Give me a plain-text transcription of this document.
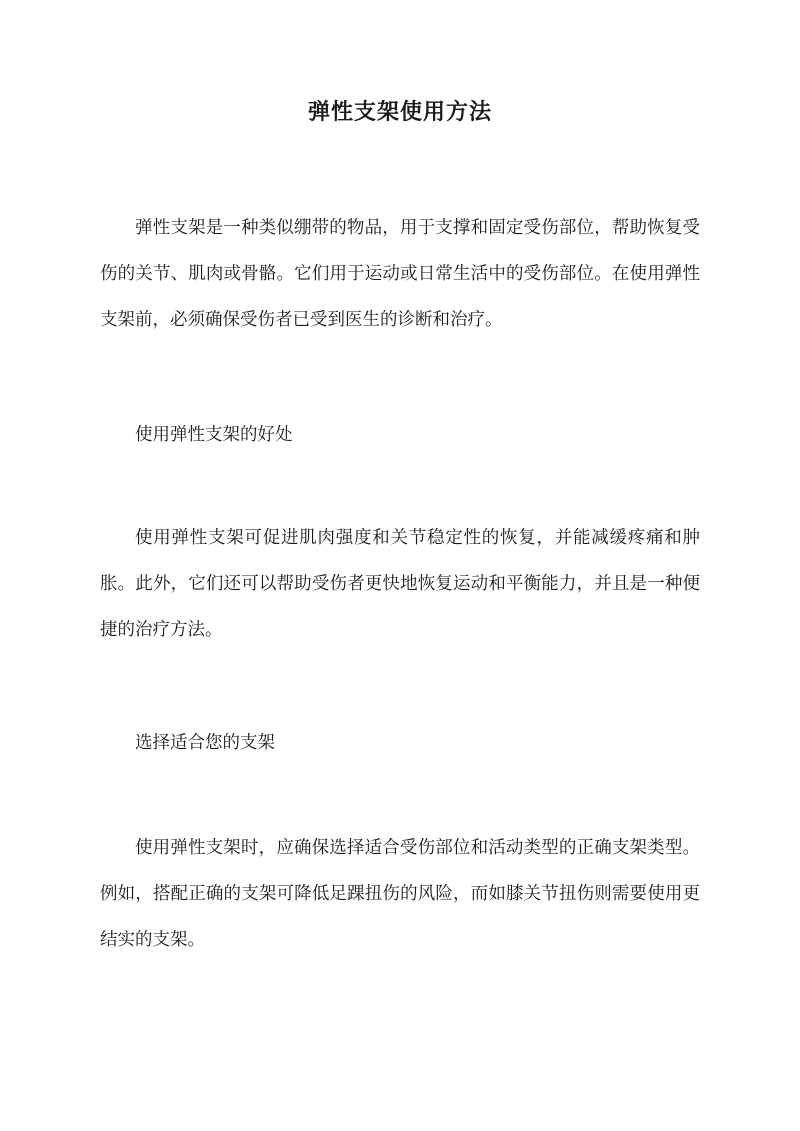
弹性支架使用方法

弹性支架是一种类似绷带的物品，用于支撑和固定受伤部位，帮助恢复受伤的关节、肌肉或骨骼。它们用于运动或日常生活中的受伤部位。在使用弹性支架前，必须确保受伤者已受到医生的诊断和治疗。

使用弹性支架的好处

使用弹性支架可促进肌肉强度和关节稳定性的恢复，并能减缓疼痛和肿胀。此外，它们还可以帮助受伤者更快地恢复运动和平衡能力，并且是一种便捷的治疗方法。

选择适合您的支架

使用弹性支架时，应确保选择适合受伤部位和活动类型的正确支架类型。例如，搭配正确的支架可降低足踝扭伤的风险，而如膝关节扭伤则需要使用更结实的支架。
